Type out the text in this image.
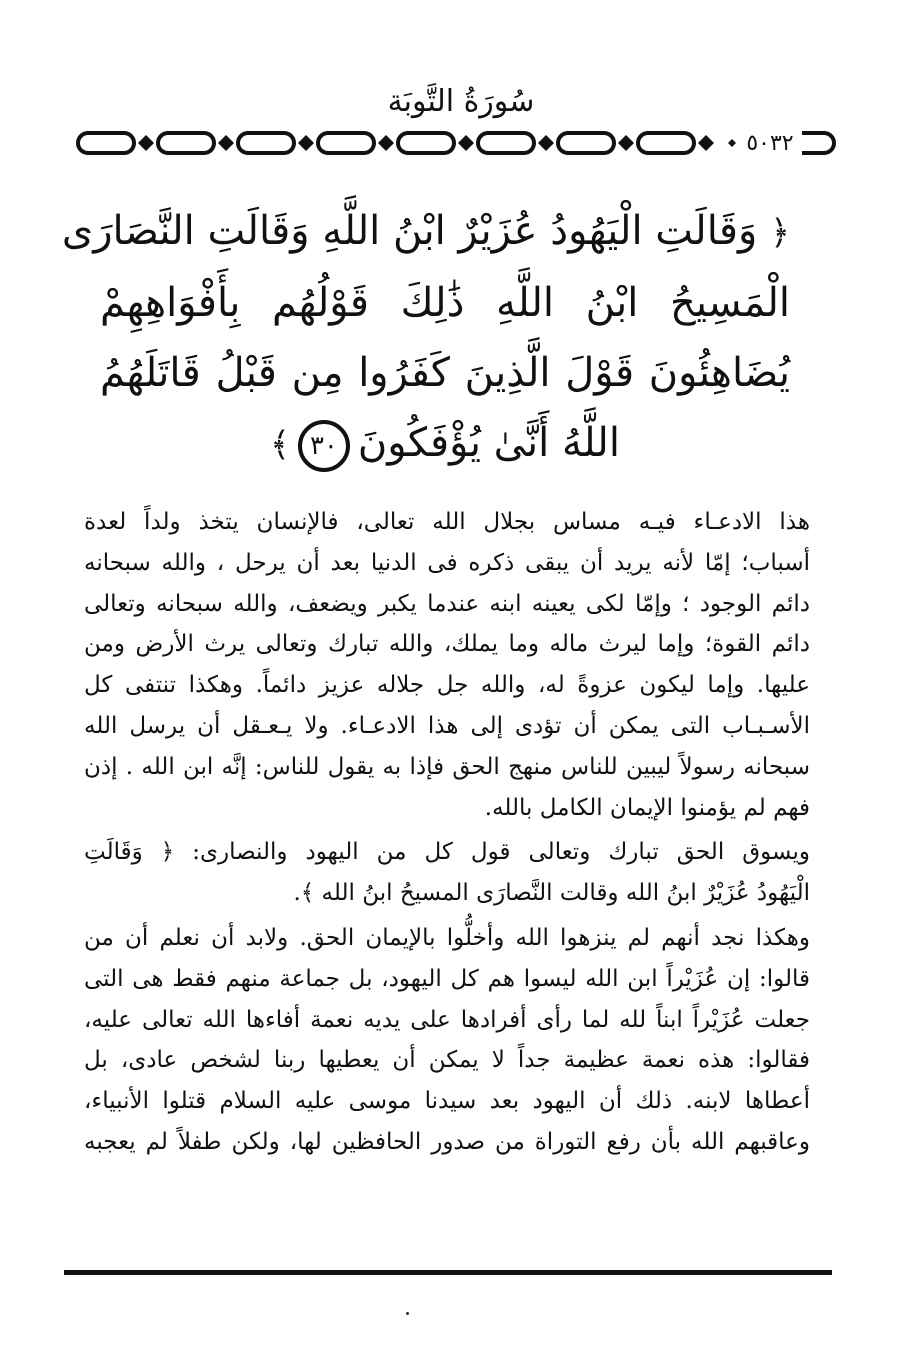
سُورَةُ التَّوبَة
٥٠٣٢
﴿ وَقَالَتِ الْيَهُودُ عُزَيْرٌ ابْنُ اللَّهِ وَقَالَتِ النَّصَارَى
الْمَسِيحُ ابْنُ اللَّهِ ذَٰلِكَ قَوْلُهُم بِأَفْوَاهِهِمْ
يُضَاهِئُونَ قَوْلَ الَّذِينَ كَفَرُوا مِن قَبْلُ قَاتَلَهُمُ
اللَّهُ أَنَّىٰ يُؤْفَكُونَ٣٠﴾

هذا الادعـاء فيـه مساس بجلال الله تعالى، فالإنسان يتخذ ولداً لعدة
أسباب؛ إمّا لأنه يريد أن يبقى ذكره فى الدنيا بعد أن يرحل ، والله سبحانه
دائم الوجود ؛ وإمّا لكى يعينه ابنه عندما يكبر ويضعف، والله سبحانه وتعالى
دائم القوة؛ وإما ليرث ماله وما يملك، والله تبارك وتعالى يرث الأرض ومن
عليها. وإما ليكون عزوةً له، والله جل جلاله عزيز دائماً. وهكذا تنتفى كل
الأسـبـاب التى يمكن أن تؤدى إلى هذا الادعـاء. ولا يـعـقل أن يرسل الله
سبحانه رسولاً ليبين للناس منهج الحق فإذا به يقول للناس: إنَّه ابن الله . إذن
فهم لم يؤمنوا الإيمان الكامل بالله.

ويسوق الحق تبارك وتعالى قول كل من اليهود والنصارى: ﴿ وَقَالَتِ
الْيَهُودُ عُزَيْرٌ ابنُ الله وقالت النَّصارَى المسيحُ ابنُ الله ﴾.

وهكذا نجد أنهم لم ينزهوا الله وأخلُّوا بالإيمان الحق. ولابد أن نعلم أن من
قالوا: إن عُزَيْراً ابن الله ليسوا هم كل اليهود، بل جماعة منهم فقط هى التى
جعلت عُزَيْراً ابناً لله لما رأى أفرادها على يديه نعمة أفاءها الله تعالى عليه،
فقالوا: هذه نعمة عظيمة جداً لا يمكن أن يعطيها ربنا لشخص عادى، بل
أعطاها لابنه. ذلك أن اليهود بعد سيدنا موسى عليه السلام قتلوا الأنبياء،
وعاقبهم الله بأن رفع التوراة من صدور الحافظين لها، ولكن طفلاً لم يعجبه
